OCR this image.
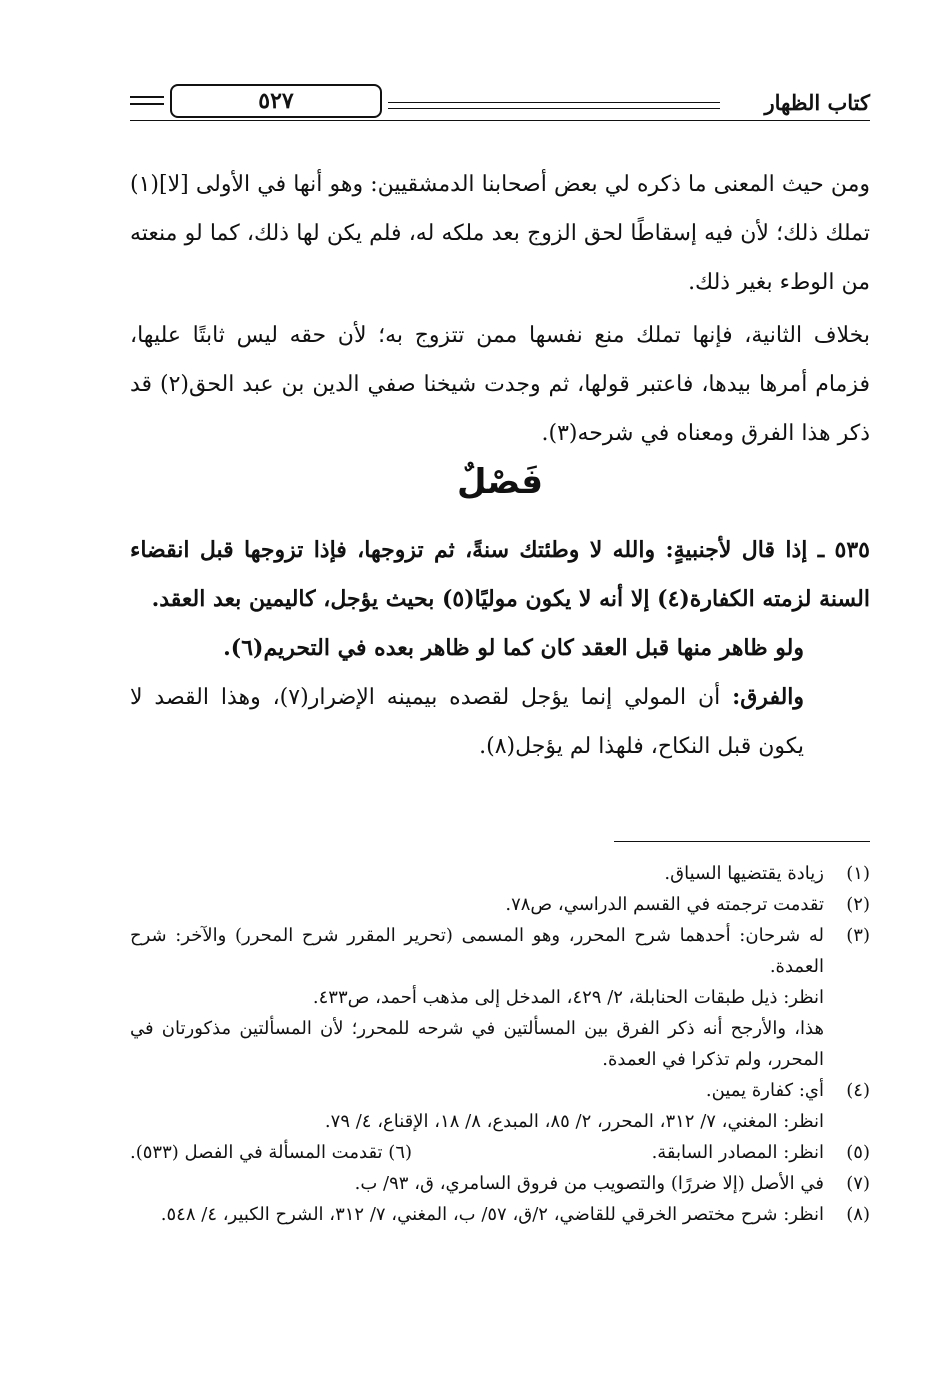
كتاب الظهار
٥٢٧

ومن حيث المعنى ما ذكره لي بعض أصحابنا الدمشقيين: وهو أنها في الأولى [لا](١) تملك ذلك؛ لأن فيه إسقاطًا لحق الزوج بعد ملكه له، فلم يكن لها ذلك، كما لو منعته من الوطء بغير ذلك.

بخلاف الثانية، فإنها تملك منع نفسها ممن تتزوج به؛ لأن حقه ليس ثابتًا عليها، فزمام أمرها بيدها، فاعتبر قولها، ثم وجدت شيخنا صفي الدين بن عبد الحق(٢) قد ذكر هذا الفرق ومعناه في شرحه(٣).

فَصْلٌ

٥٣٥ ـ إذا قال لأجنبيةٍ: والله لا وطئتك سنةً، ثم تزوجها، فإذا تزوجها قبل انقضاء السنة لزمته الكفارة(٤) إلا أنه لا يكون موليًا(٥) بحيث يؤجل، كاليمين بعد العقد.

ولو ظاهر منها قبل العقد كان كما لو ظاهر بعده في التحريم(٦).

والفرق: أن المولي إنما يؤجل لقصده بيمينه الإضرار(٧)، وهذا القصد لا يكون قبل النكاح، فلهذا لم يؤجل(٨).

(١)
زيادة يقتضيها السياق.
(٢)
تقدمت ترجمته في القسم الدراسي، ص٧٨.
(٣)
له شرحان: أحدهما شرح المحرر، وهو المسمى (تحرير المقرر شرح المحرر) والآخر: شرح العمدة.
انظر: ذيل طبقات الحنابلة، ٢/ ٤٢٩، المدخل إلى مذهب أحمد، ص٤٣٣.
هذا، والأرجح أنه ذكر الفرق بين المسألتين في شرحه للمحرر؛ لأن المسألتين مذكورتان في المحرر، ولم تذكرا في العمدة.
(٤)
أي: كفارة يمين.
انظر: المغني، ٧/ ٣١٢، المحرر، ٢/ ٨٥، المبدع، ٨/ ١٨، الإقناع، ٤/ ٧٩.
(٥)
انظر: المصادر السابقة.
(٦) تقدمت المسألة في الفصل (٥٣٣).
(٧)
في الأصل (إلا ضررًا) والتصويب من فروق السامري، ق، ٩٣/ ب.
(٨)
انظر: شرح مختصر الخرقي للقاضي، ٢/ق، ٥٧/ ب، المغني، ٧/ ٣١٢، الشرح الكبير، ٤/ ٥٤٨.
